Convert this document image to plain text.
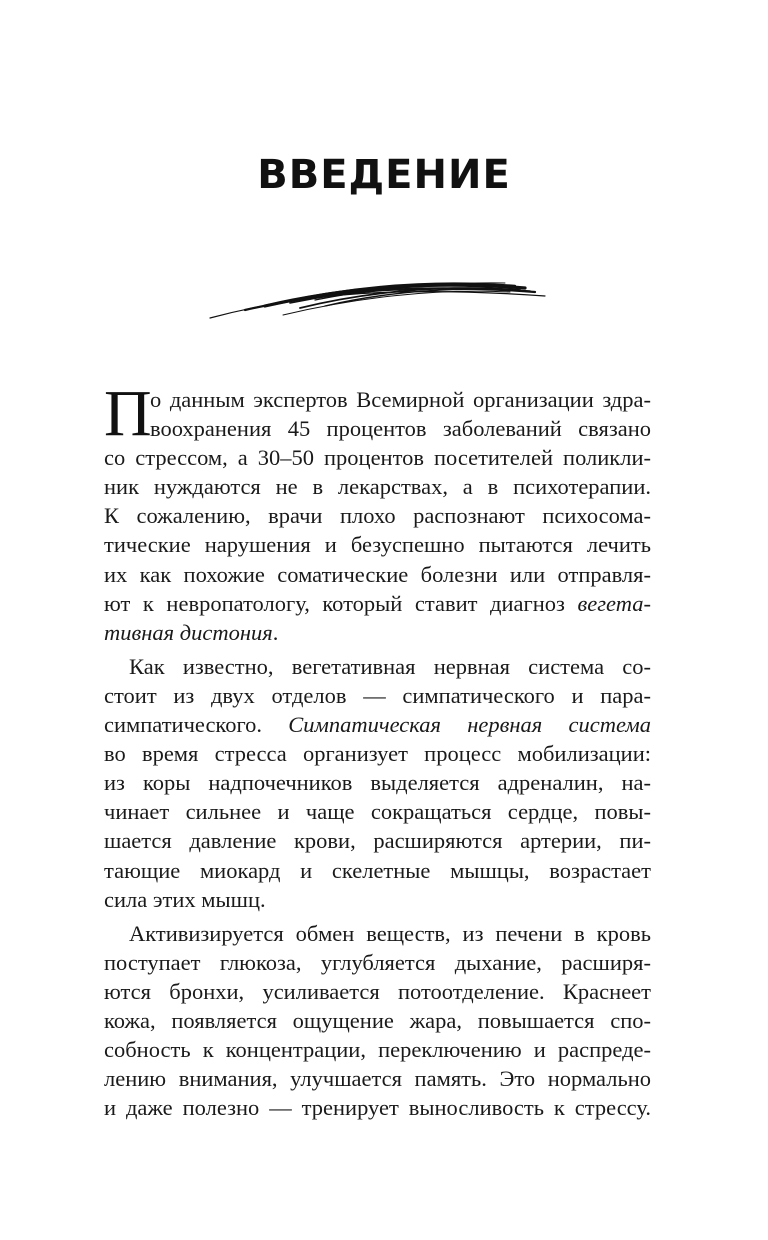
ВВЕДЕНИЕ
П
о данным экспертов Всемирной организации здра-
воохранения 45 процентов заболеваний связано
со стрессом, а 30–50 процентов посетителей поликли-
ник нуждаются не в лекарствах, а в психотерапии.
К сожалению, врачи плохо распознают психосома-
тические нарушения и безуспешно пытаются лечить
их как похожие соматические болезни или отправля-
ют к невропатологу, который ставит диагноз вегета-
тивная дистония.
Как известно, вегетативная нервная система со-
стоит из двух отделов — симпатического и пара-
симпатического. Симпатическая нервная система
во время стресса организует процесс мобилизации:
из коры надпочечников выделяется адреналин, на-
чинает сильнее и чаще сокращаться сердце, повы-
шается давление крови, расширяются артерии, пи-
тающие миокард и скелетные мышцы, возрастает
сила этих мышц.
Активизируется обмен веществ, из печени в кровь
поступает глюкоза, углубляется дыхание, расширя-
ются бронхи, усиливается потоотделение. Краснеет
кожа, появляется ощущение жара, повышается спо-
собность к концентрации, переключению и распреде-
лению внимания, улучшается память. Это нормально
и даже полезно — тренирует выносливость к стрессу.
